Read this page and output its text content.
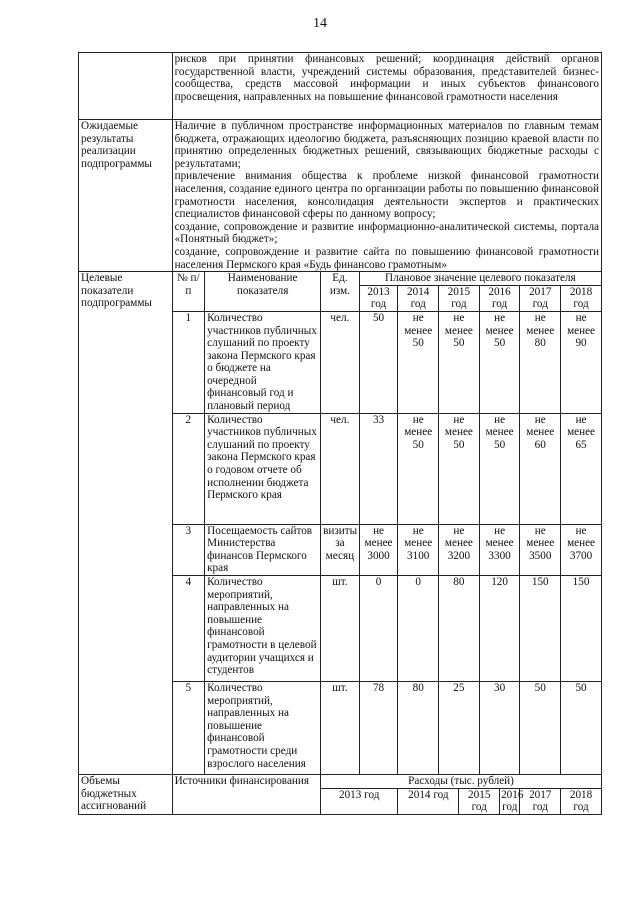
14
	рисков при принятии финансовых решений; координация действий органов государственной власти, учреждений системы образования, представителей бизнес-сообщества, средств массовой информации и иных субъектов финансового просвещения, направленных на повышение финансовой грамотности населения										
Ожидаемые результаты реализации подпрограммы	Наличие в публичном пространстве информационных материалов по главным темам бюджета, отражающих идеологию бюджета, разъясняющих позицию краевой власти по принятию определенных бюджетных решений, связывающих бюджетные расходы с результатами;

привлечение внимания общества к проблеме низкой финансовой грамотности населения, создание единого центра по организации работы по повышению финансовой грамотности населения, консолидация деятельности экспертов и практических специалистов финансовой сферы по данному вопросу;

создание, сопровождение и развитие информационно-аналитической системы, портала «Понятный бюджет»;

создание, сопровождение и развитие сайта по повышению финансовой грамотности населения Пермского края «Будь финансово грамотным»										

Целевые показатели подпрограммы	№ п/п	Наименование показателя	Ед. изм.	Плановое значение целевого показателя							
				2013 год	2014 год	2015 год		2016 год		2017 год	2018 год
	1	Количество участников публичных слушаний по проекту закона Пермского края о бюджете на очередной финансовый год и плановый период	чел.	50	не менее 50	не менее 50		не менее 50		не менее 80	не менее 90
	2	Количество участников публичных слушаний по проекту закона Пермского края о годовом отчете об исполнении бюджета Пермского края	чел.	33	не менее 50	не менее 50		не менее 50		не менее 60	не менее 65
	3	Посещаемость сайтов Министерства финансов Пермского края	визиты за месяц	не менее 3000	не менее 3100	не менее 3200		не менее 3300		не менее 3500	не менее 3700
	4	Количество мероприятий, направленных на повышение финансовой грамотности в целевой аудитории учащихся и студентов	шт.	0	0	80		120		150	150
	5	Количество мероприятий, направленных на повышение финансовой грамотности среди взрослого населения	шт.	78	80	25		30		50	50
Объемы бюджетных ассигнований	Источники финансирования		Расходы (тыс. рублей)								
			2013 год		2014 год		2015 год		2016 год	2017 год	2018 год
